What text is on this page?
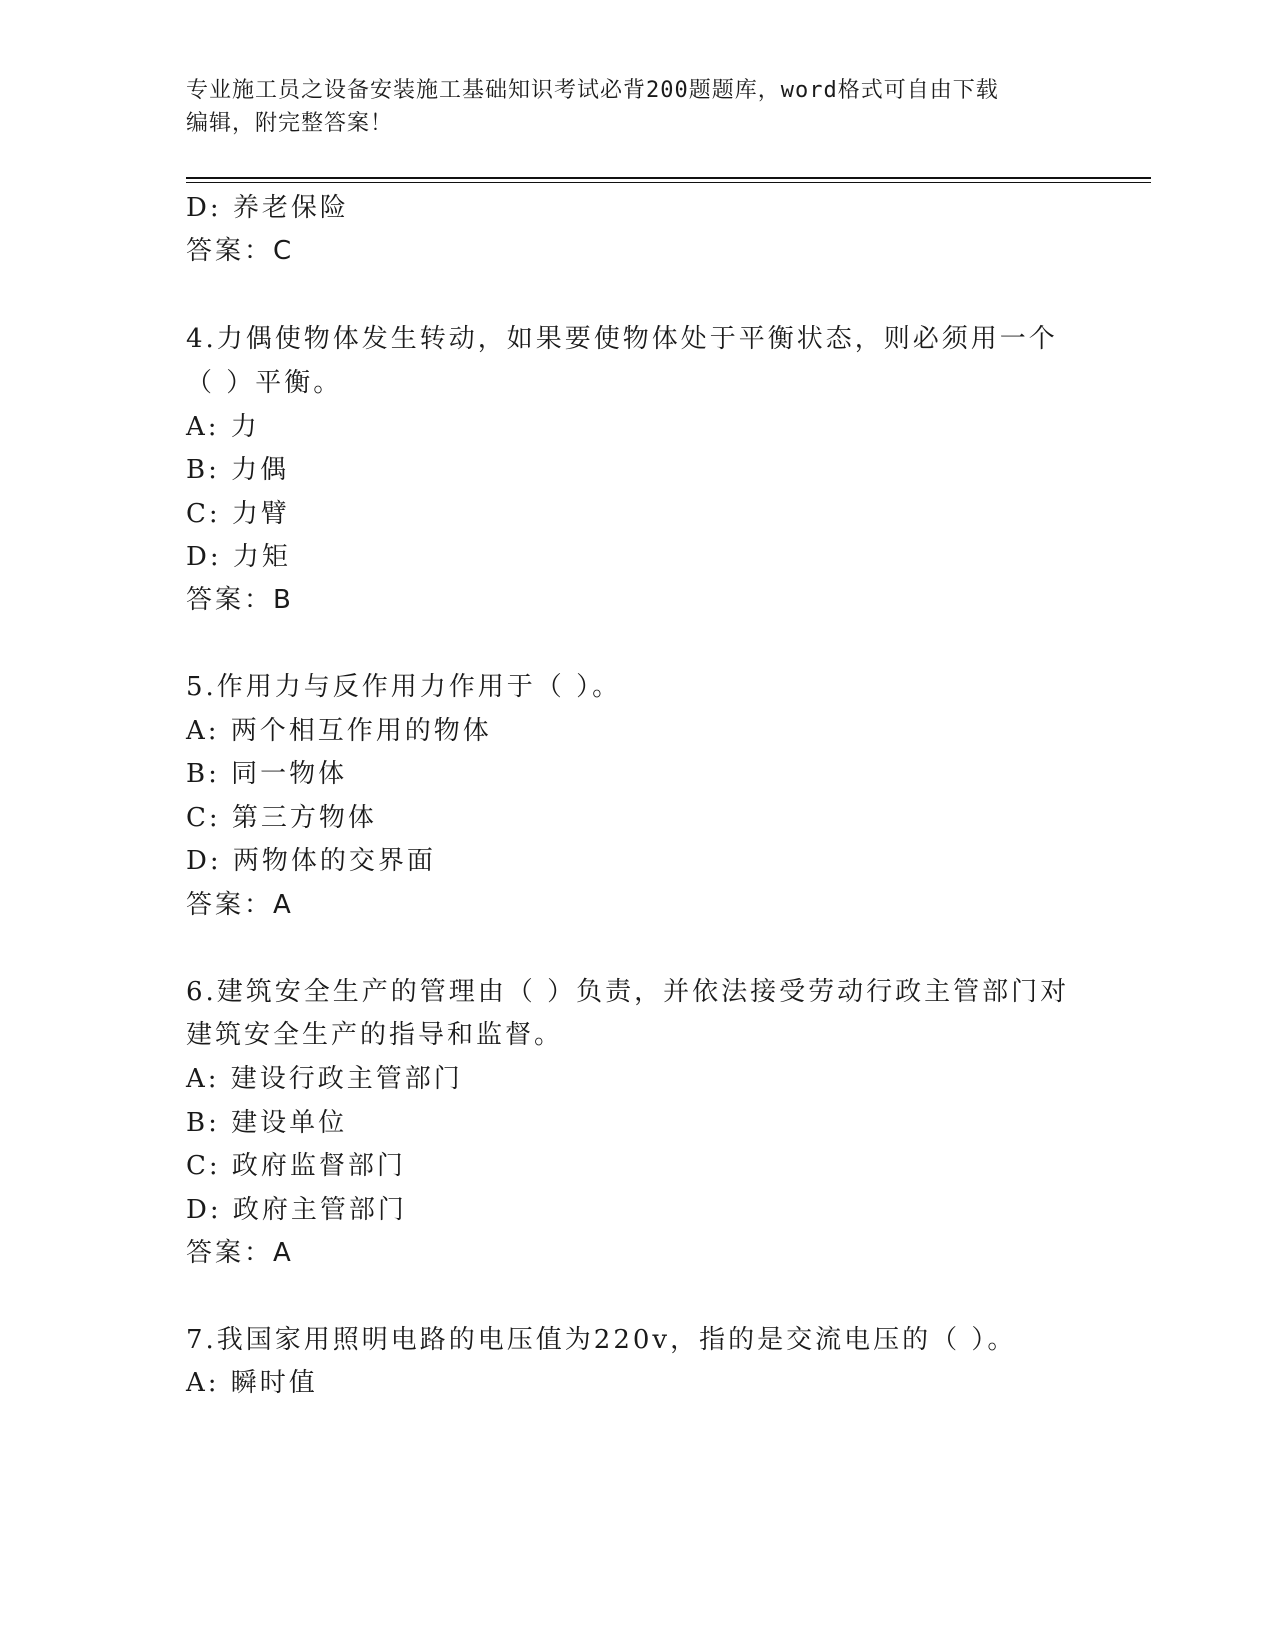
专业施工员之设备安装施工基础知识考试必背200题题库，word格式可自由下载
编辑，附完整答案！
D: 养老保险
答案：C
4.力偶使物体发生转动，如果要使物体处于平衡状态，则必须用一个
（ ）平衡。
A: 力
B: 力偶
C: 力臂
D: 力矩
答案：B
5.作用力与反作用力作用于（ ）。
A: 两个相互作用的物体
B: 同一物体
C: 第三方物体
D: 两物体的交界面
答案：A
6.建筑安全生产的管理由（ ）负责，并依法接受劳动行政主管部门对
建筑安全生产的指导和监督。
A: 建设行政主管部门
B: 建设单位
C: 政府监督部门
D: 政府主管部门
答案：A
7.我国家用照明电路的电压值为220v，指的是交流电压的（ ）。
A: 瞬时值
